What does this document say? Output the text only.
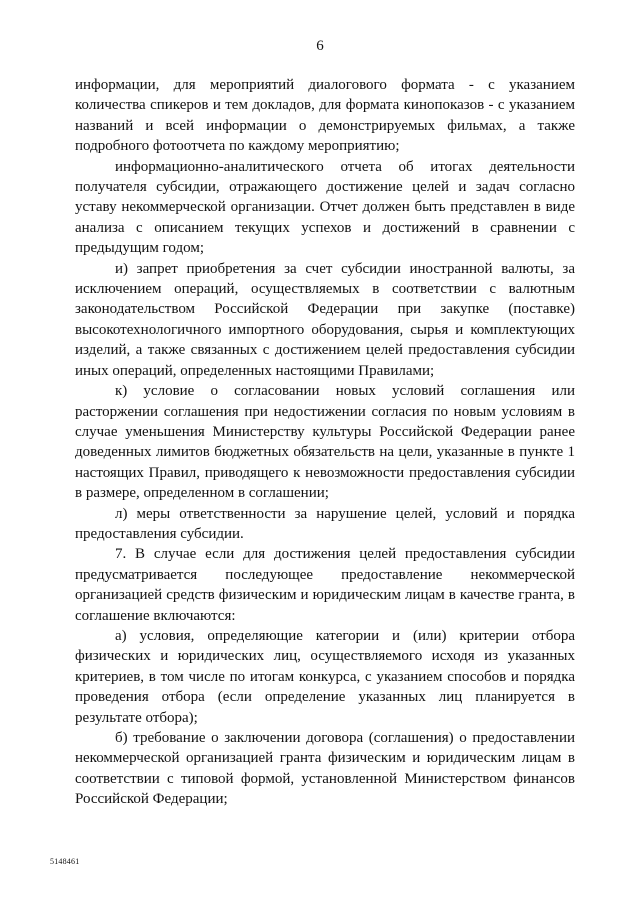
6

информации, для мероприятий диалогового формата - с указанием количества спикеров и тем докладов, для формата кинопоказов - с указанием названий и всей информации о демонстрируемых фильмах, а также подробного фотоотчета по каждому мероприятию;

информационно-аналитического отчета об итогах деятельности получателя субсидии, отражающего достижение целей и задач согласно уставу некоммерческой организации. Отчет должен быть представлен в виде анализа с описанием текущих успехов и достижений в сравнении с предыдущим годом;

и) запрет приобретения за счет субсидии иностранной валюты, за исключением операций, осуществляемых в соответствии с валютным законодательством Российской Федерации при закупке (поставке) высокотехнологичного импортного оборудования, сырья и комплектующих изделий, а также связанных с достижением целей предоставления субсидии иных операций, определенных настоящими Правилами;

к) условие о согласовании новых условий соглашения или расторжении соглашения при недостижении согласия по новым условиям в случае уменьшения Министерству культуры Российской Федерации ранее доведенных лимитов бюджетных обязательств на цели, указанные в пункте 1 настоящих Правил, приводящего к невозможности предоставления субсидии в размере, определенном в соглашении;

л) меры ответственности за нарушение целей, условий и порядка предоставления субсидии.

7. В случае если для достижения целей предоставления субсидии предусматривается последующее предоставление некоммерческой организацией средств физическим и юридическим лицам в качестве гранта, в соглашение включаются:

а) условия, определяющие категории и (или) критерии отбора физических и юридических лиц, осуществляемого исходя из указанных критериев, в том числе по итогам конкурса, с указанием способов и порядка проведения отбора (если определение указанных лиц планируется в результате отбора);

б) требование о заключении договора (соглашения) о предоставлении некоммерческой организацией гранта физическим и юридическим лицам в соответствии с типовой формой, установленной Министерством финансов Российской Федерации;

5148461
